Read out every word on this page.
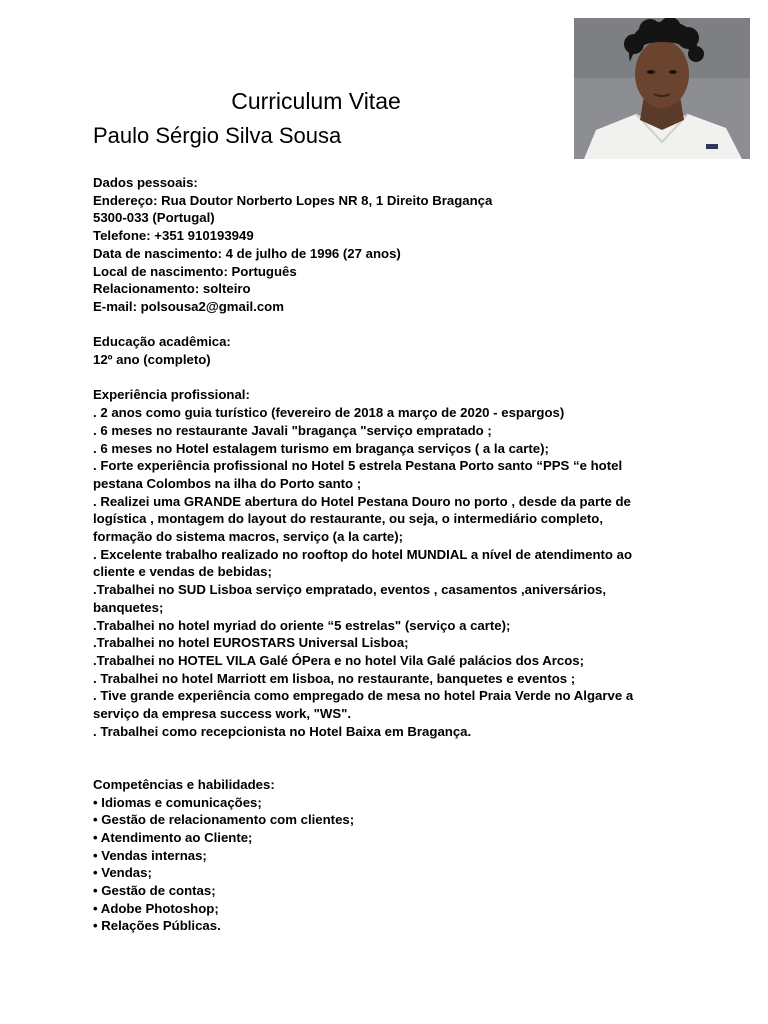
Curriculum Vitae
Paulo Sérgio Silva Sousa
Dados pessoais:
Endereço: Rua Doutor Norberto Lopes NR 8, 1 Direito Bragança
5300-033 (Portugal)
Telefone: +351 910193949
Data de nascimento: 4 de julho de 1996 (27 anos)
Local de nascimento: Português
Relacionamento: solteiro
E-mail: polsousa2@gmail.com
Educação acadêmica:
12º ano (completo)
Experiência profissional:
. 2 anos como guia turístico (fevereiro de 2018 a março de 2020 - espargos)
. 6 meses no restaurante Javali "bragança "serviço empratado ;
. 6 meses no Hotel estalagem turismo em bragança serviços ( a la carte);
. Forte experiência profissional no Hotel 5 estrela Pestana Porto santo “PPS “e hotel
pestana Colombos na ilha do Porto santo ;
. Realizei uma GRANDE abertura do Hotel Pestana Douro no porto , desde da parte de
logística , montagem do layout do restaurante, ou seja, o intermediário completo,
formação do sistema macros, serviço (a la carte);
. Excelente trabalho realizado no rooftop do hotel MUNDIAL a nível de atendimento ao
cliente e vendas de bebidas;
.Trabalhei no SUD Lisboa serviço empratado, eventos , casamentos ,aniversários,
banquetes;
.Trabalhei no hotel myriad do oriente “5 estrelas" (serviço a carte);
.Trabalhei no hotel EUROSTARS Universal Lisboa;
.Trabalhei no HOTEL VILA Galé ÓPera e no hotel Vila Galé palácios dos Arcos;
. Trabalhei no hotel Marriott em lisboa, no restaurante, banquetes e eventos ;
. Tive grande experiência como empregado de mesa no hotel Praia Verde no Algarve a
serviço da empresa success work, "WS".
. Trabalhei como recepcionista no Hotel Baixa em Bragança.
Competências e habilidades:
• Idiomas e comunicações;
• Gestão de relacionamento com clientes;
• Atendimento ao Cliente;
• Vendas internas;
• Vendas;
• Gestão de contas;
• Adobe Photoshop;
• Relações Públicas.
